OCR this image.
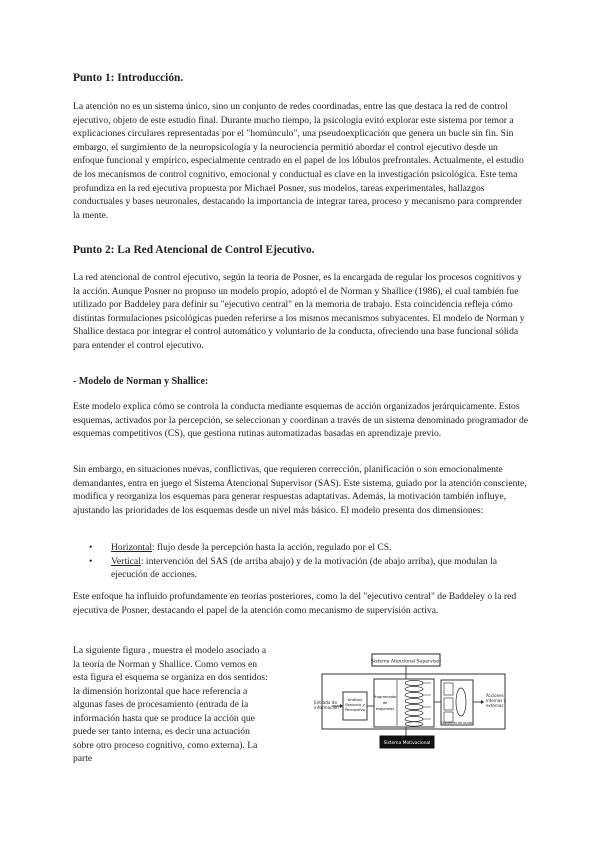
Punto 1: Introducción.

La atención no es un sistema único, sino un conjunto de redes coordinadas, entre las que destaca la red de control ejecutivo, objeto de este estudio final. Durante mucho tiempo, la psicología evitó explorar este sistema por temor a explicaciones circulares representadas por el "homúnculo", una pseudoexplicación que genera un bucle sin fin. Sin embargo, el surgimiento de la neuropsicología y la neurociencia permitió abordar el control ejecutivo desde un enfoque funcional y empírico, especialmente centrado en el papel de los lóbulos prefrontales. Actualmente, el estudio de los mecanismos de control cognitivo, emocional y conductual es clave en la investigación psicológica. Este tema profundiza en la red ejecutiva propuesta por Michael Posner, sus modelos, tareas experimentales, hallazgos conductuales y bases neuronales, destacando la importancia de integrar tarea, proceso y mecanismo para comprender la mente.

Punto 2: La Red Atencional de Control Ejecutivo.

La red atencional de control ejecutivo, según la teoría de Posner, es la encargada de regular los procesos cognitivos y la acción. Aunque Posner no propuso un modelo propio, adoptó el de Norman y Shallice (1986), el cual también fue utilizado por Baddeley para definir su "ejecutivo central" en la memoria de trabajo. Esta coincidencia refleja cómo distintas formulaciones psicológicas pueden referirse a los mismos mecanismos subyacentes. El modelo de Norman y Shallice destaca por integrar el control automático y voluntario de la conducta, ofreciendo una base funcional sólida para entender el control ejecutivo.

- Modelo de Norman y Shallice:

Este modelo explica cómo se controla la conducta mediante esquemas de acción organizados jerárquicamente. Estos esquemas, activados por la percepción, se seleccionan y coordinan a través de un sistema denominado programador de esquemas competitivos (CS), que gestiona rutinas automatizadas basadas en aprendizaje previo.

Sin embargo, en situaciones nuevas, conflictivas, que requieren corrección, planificación o son emocionalmente demandantes, entra en juego el Sistema Atencional Supervisor (SAS). Este sistema, guiado por la atención consciente, modifica y reorganiza los esquemas para generar respuestas adaptativas. Además, la motivación también influye, ajustando las prioridades de los esquemas desde un nivel más básico. El modelo presenta dos dimensiones:

• Horizontal: flujo desde la percepción hasta la acción, regulado por el CS.
• Vertical: intervención del SAS (de arriba abajo) y de la motivación (de abajo arriba), que modulan la ejecución de acciones.

Este enfoque ha influido profundamente en teorías posteriores, como la del "ejecutivo central" de Baddeley o la red ejecutiva de Posner, destacando el papel de la atención como mecanismo de supervisión activa.

La siguiente figura , muestra el modelo asociado a la teoría de Norman y Shallice. Como vemos en esta figura el esquema se organiza en dos sentidos: la dimensión horizontal que hace referencia a algunas fases de procesamiento (entrada de la información hasta que se produce la acción que puede ser tanto interna, es decir una actuación sobre otro proceso cognitivo, como externa). La parte

Sistema Atencional Supervisor
Entrada de
información
Análisis
Sensorio y
Perceptivo
Programador
de
esquemas
Esquemas de acción
Acciones
internas y
externas
Sistema Motivacional
